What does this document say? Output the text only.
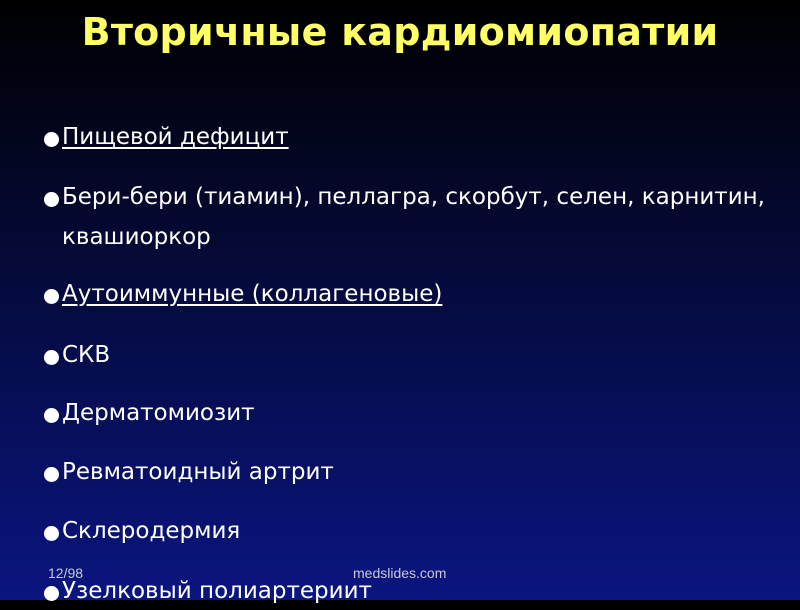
Вторичные кардиомиопатии
Пищевой дефицит
Бери-бери (тиамин), пеллагра, скорбут, селен, карнитин,
квашиоркор
Аутоиммунные (коллагеновые)
СКВ
Дерматомиозит
Ревматоидный артрит
Склеродермия
Узелковый полиартериит
12/98	medslides.com
